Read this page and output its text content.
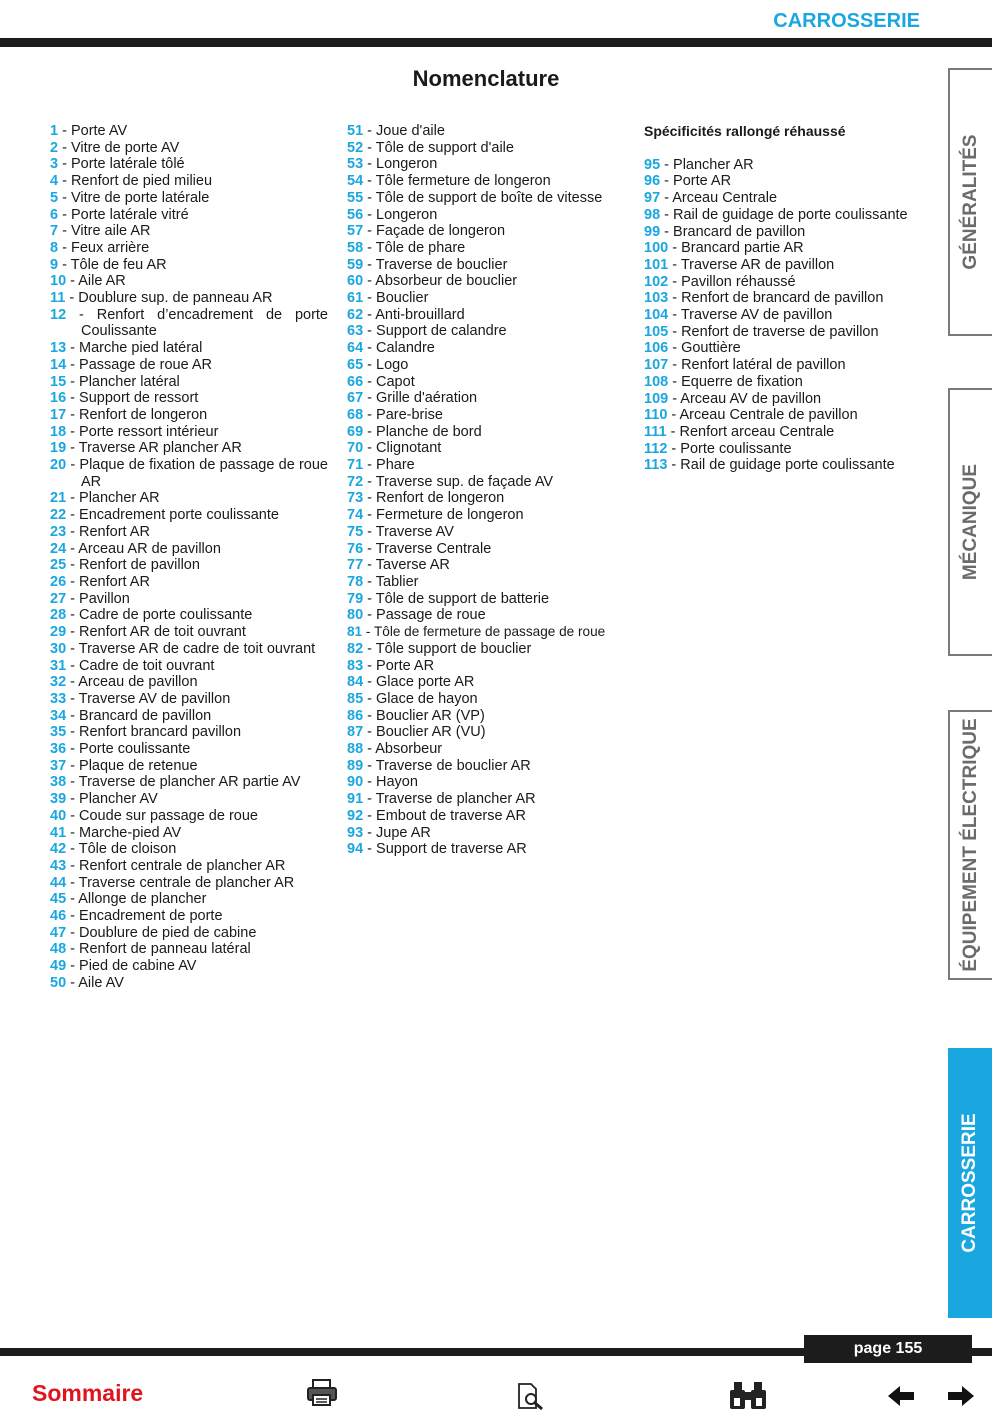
CARROSSERIE
Nomenclature
1 - Porte AV
2 - Vitre de porte AV
3 - Porte latérale tôlé
4 - Renfort de pied milieu
5 - Vitre de porte latérale
6 - Porte latérale vitré
7 - Vitre aile AR
8 - Feux arrière
9 - Tôle de feu AR
10 - Aile AR
11 - Doublure sup. de panneau AR
12 - Renfort d’encadrement de porte Coulissante
13 - Marche pied latéral
14 - Passage de roue AR
15 - Plancher latéral
16 - Support de ressort
17 - Renfort de longeron
18 - Porte ressort intérieur
19 - Traverse AR plancher AR
20 - Plaque de fixation de passage de roue AR
21 - Plancher AR
22 - Encadrement porte coulissante
23 - Renfort AR
24 - Arceau AR de pavillon
25 - Renfort de pavillon
26 - Renfort AR
27 - Pavillon
28 - Cadre de porte coulissante
29 - Renfort AR de toit ouvrant
30 - Traverse AR de cadre de toit ouvrant
31 - Cadre de toit ouvrant
32 - Arceau de pavillon
33 - Traverse AV de pavillon
34 - Brancard de pavillon
35 - Renfort brancard pavillon
36 - Porte coulissante
37 - Plaque de retenue
38 - Traverse de plancher AR partie AV
39 - Plancher AV
40 - Coude sur passage de roue
41 - Marche-pied AV
42 - Tôle de cloison
43 - Renfort centrale de plancher AR
44 - Traverse centrale de plancher AR
45 - Allonge de plancher
46 - Encadrement de porte
47 - Doublure de pied de cabine
48 - Renfort de panneau latéral
49 - Pied de cabine AV
50 - Aile AV
51 - Joue d'aile
52 - Tôle de support d'aile
53 - Longeron
54 - Tôle fermeture de longeron
55 - Tôle de support de boîte de vitesse
56 - Longeron
57 - Façade de longeron
58 - Tôle de phare
59 - Traverse de bouclier
60 - Absorbeur de bouclier
61 - Bouclier
62 - Anti-brouillard
63 - Support de calandre
64 - Calandre
65 - Logo
66 - Capot
67 - Grille d'aération
68 - Pare-brise
69 - Planche de bord
70 - Clignotant
71 - Phare
72 - Traverse sup. de façade AV
73 - Renfort de longeron
74 - Fermeture de longeron
75 - Traverse AV
76 - Traverse Centrale
77 - Taverse AR
78 - Tablier
79 - Tôle de support de batterie
80 - Passage de roue
81 - Tôle de fermeture de passage de roue
82 - Tôle support de bouclier
83 - Porte AR
84 - Glace porte AR
85 - Glace de hayon
86 - Bouclier AR (VP)
87 - Bouclier AR (VU)
88 - Absorbeur
89 - Traverse de bouclier AR
90 - Hayon
91 - Traverse de plancher AR
92 - Embout de traverse AR
93 - Jupe AR
94 - Support de traverse AR
Spécificités rallongé réhaussé
95 - Plancher AR
96 - Porte AR
97 - Arceau Centrale
98 - Rail de guidage de porte coulissante
99 - Brancard de pavillon
100 - Brancard partie AR
101 - Traverse AR de pavillon
102 - Pavillon réhaussé
103 - Renfort de brancard de pavillon
104 - Traverse AV de pavillon
105 - Renfort de traverse de pavillon
106 - Gouttière
107 - Renfort latéral de pavillon
108 - Equerre de fixation
109 - Arceau AV de pavillon
110 - Arceau Centrale de pavillon
111 - Renfort arceau Centrale
112 - Porte coulissante
113 - Rail de guidage porte coulissante
GÉNÉRALITÉS
MÉCANIQUE
ÉQUIPEMENT ÉLECTRIQUE
CARROSSERIE
page 155
Sommaire
